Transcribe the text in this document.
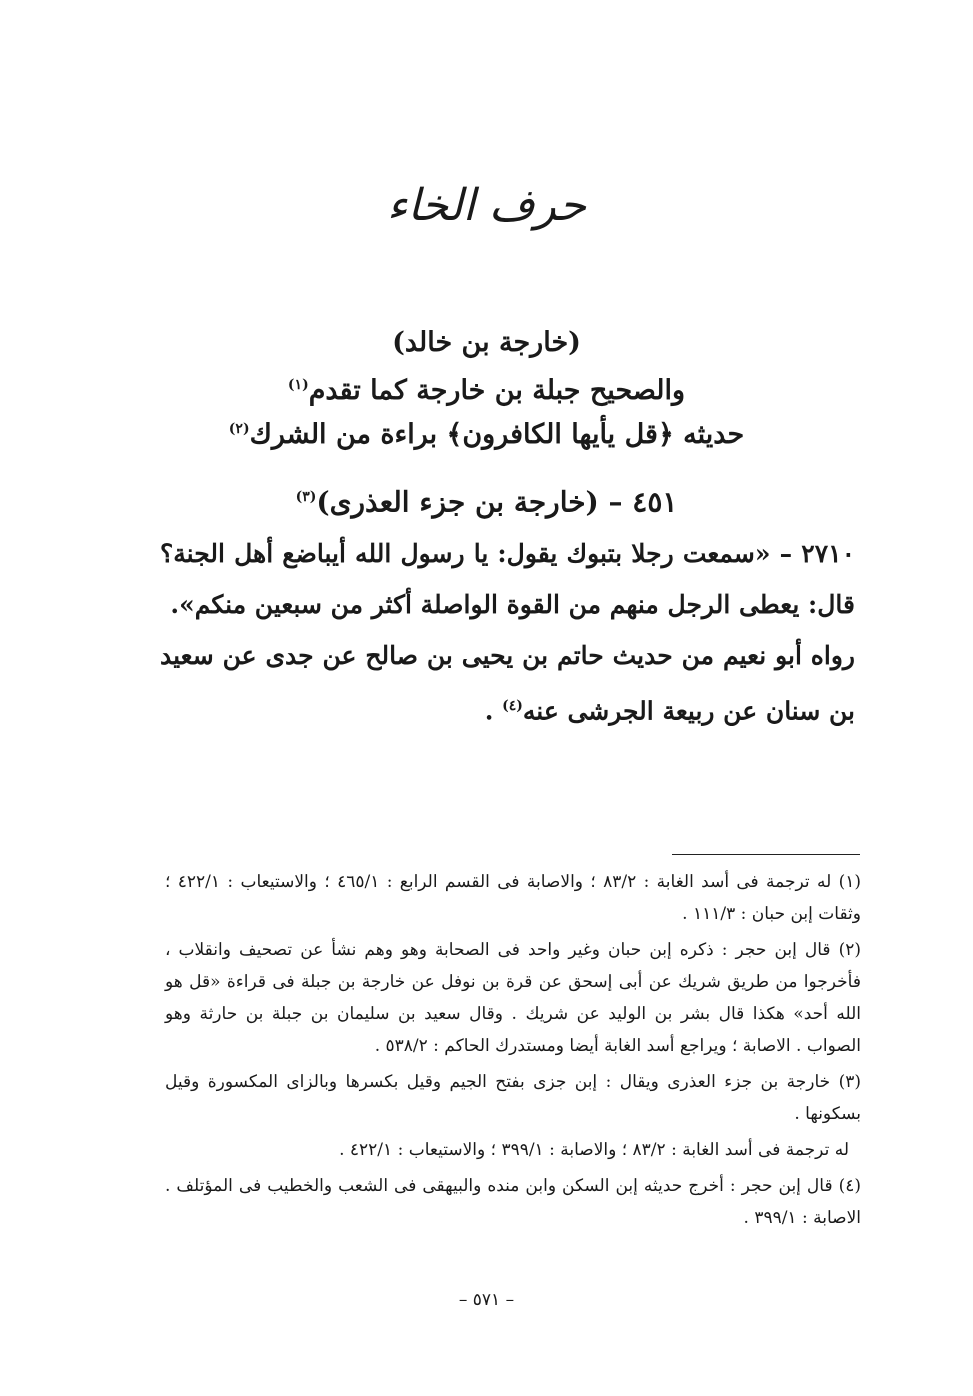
حرف الخاء
(خارجة بن خالد)
والصحيح جبلة بن خارجة كما تقدم$^{(١)}$
حديثه ﴿قل يأيها الكافرون﴾ براءة من الشرك$^{(٢)}$
٤٥١ – (خارجة بن جزء العذرى)$^{(٣)}$

٢٧١٠ – «سمعت رجلا بتبوك يقول: يا رسول الله أيباضع أهل الجنة؟ قال: يعطى الرجل منهم من القوة الواصلة أكثر من سبعين منكم».

رواه أبو نعيم من حديث حاتم بن يحيى بن صالح عن جدى عن سعيد بن سنان عن ربيعة الجرشى عنه$^{(٤)}$ .

(١) له ترجمة فى أسد الغابة : ٨٣/٢ ؛ والاصابة فى القسم الرابع : ٤٦٥/١ ؛ والاستيعاب : ٤٢٢/١ ؛ وثقات إبن حبان : ١١١/٣ .

(٢) قال إبن حجر : ذكره إبن حبان وغير واحد فى الصحابة وهو وهم نشأ عن تصحيف وانقلاب ، فأخرجوا من طريق شريك عن أبى إسحق عن قرة بن نوفل عن خارجة بن جبلة فى قراءة «قل هو الله أحد» هكذا قال بشر بن الوليد عن شريك . وقال سعيد بن سليمان بن جبلة بن حارثة وهو الصواب . الاصابة ؛ ويراجع أسد الغابة أيضا ومستدرك الحاكم : ٥٣٨/٢ .

(٣) خارجة بن جزء العذرى ويقال : إبن جزى بفتح الجيم وقيل بكسرها وبالزاى المكسورة وقيل بسكونها .

له ترجمة فى أسد الغابة : ٨٣/٢ ؛ والاصابة : ٣٩٩/١ ؛ والاستيعاب : ٤٢٢/١ .

(٤) قال إبن حجر : أخرج حديثه إبن السكن وابن منده والبيهقى فى الشعب والخطيب فى المؤتلف . الاصابة : ٣٩٩/١ .

– ٥٧١ –
